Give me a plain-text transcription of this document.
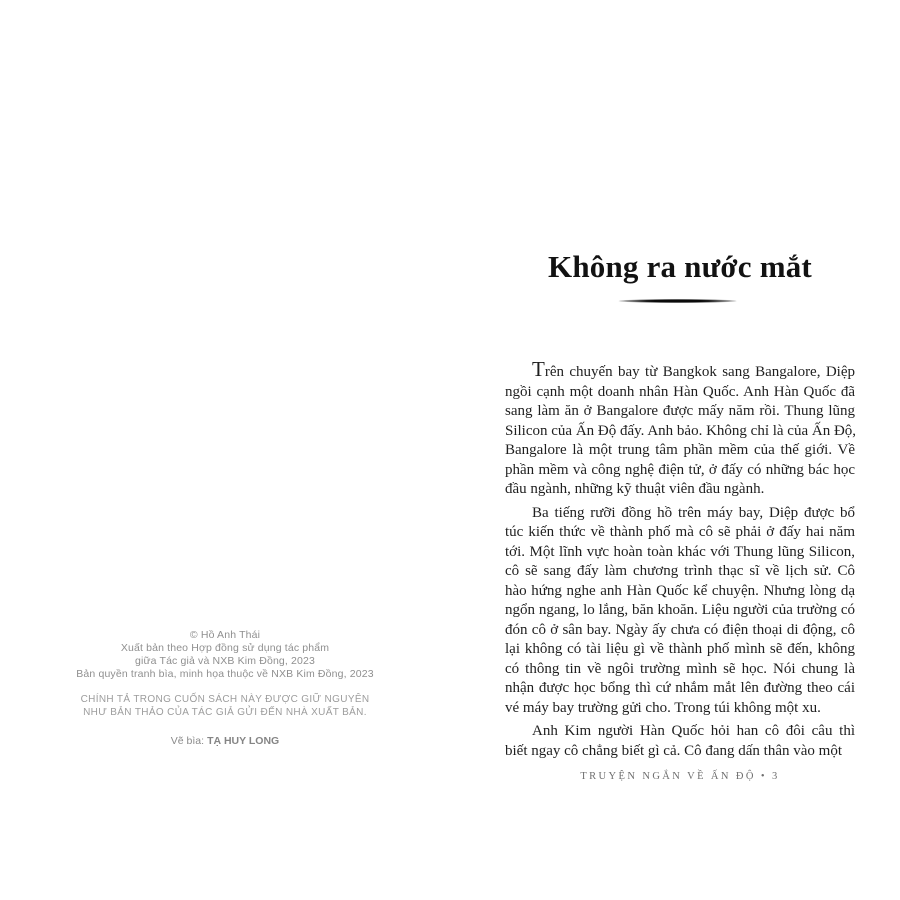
© Hồ Anh Thái
Xuất bản theo Hợp đồng sử dụng tác phẩm
giữa Tác giả và NXB Kim Đồng, 2023
Bản quyền tranh bìa, minh họa thuộc về NXB Kim Đồng, 2023
CHÍNH TẢ TRONG CUỐN SÁCH NÀY ĐƯỢC GIỮ NGUYÊN
NHƯ BẢN THẢO CỦA TÁC GIẢ GỬI ĐẾN NHÀ XUẤT BẢN.
Vẽ bìa: TẠ HUY LONG
Không ra nước mắt
Trên chuyến bay từ Bangkok sang Bangalore, Diệp
ngồi cạnh một doanh nhân Hàn Quốc. Anh Hàn Quốc đã
sang làm ăn ở Bangalore được mấy năm rồi. Thung lũng
Silicon của Ấn Độ đấy. Anh bảo. Không chỉ là của Ấn Độ,
Bangalore là một trung tâm phần mềm của thế giới. Về
phần mềm và công nghệ điện tử, ở đấy có những bác học
đầu ngành, những kỹ thuật viên đầu ngành.
Ba tiếng rưỡi đồng hồ trên máy bay, Diệp được bổ
túc kiến thức về thành phố mà cô sẽ phải ở đấy hai năm
tới. Một lĩnh vực hoàn toàn khác với Thung lũng Silicon,
cô sẽ sang đấy làm chương trình thạc sĩ về lịch sử. Cô
hào hứng nghe anh Hàn Quốc kể chuyện. Nhưng lòng dạ
ngổn ngang, lo lắng, băn khoăn. Liệu người của trường có
đón cô ở sân bay. Ngày ấy chưa có điện thoại di động, cô
lại không có tài liệu gì về thành phố mình sẽ đến, không
có thông tin về ngôi trường mình sẽ học. Nói chung là
nhận được học bổng thì cứ nhắm mắt lên đường theo cái
vé máy bay trường gửi cho. Trong túi không một xu.
Anh Kim người Hàn Quốc hỏi han cô đôi câu thì
biết ngay cô chẳng biết gì cả. Cô đang dấn thân vào một
TRUYỆN NGẮN VỀ ẤN ĐỘ • 3
